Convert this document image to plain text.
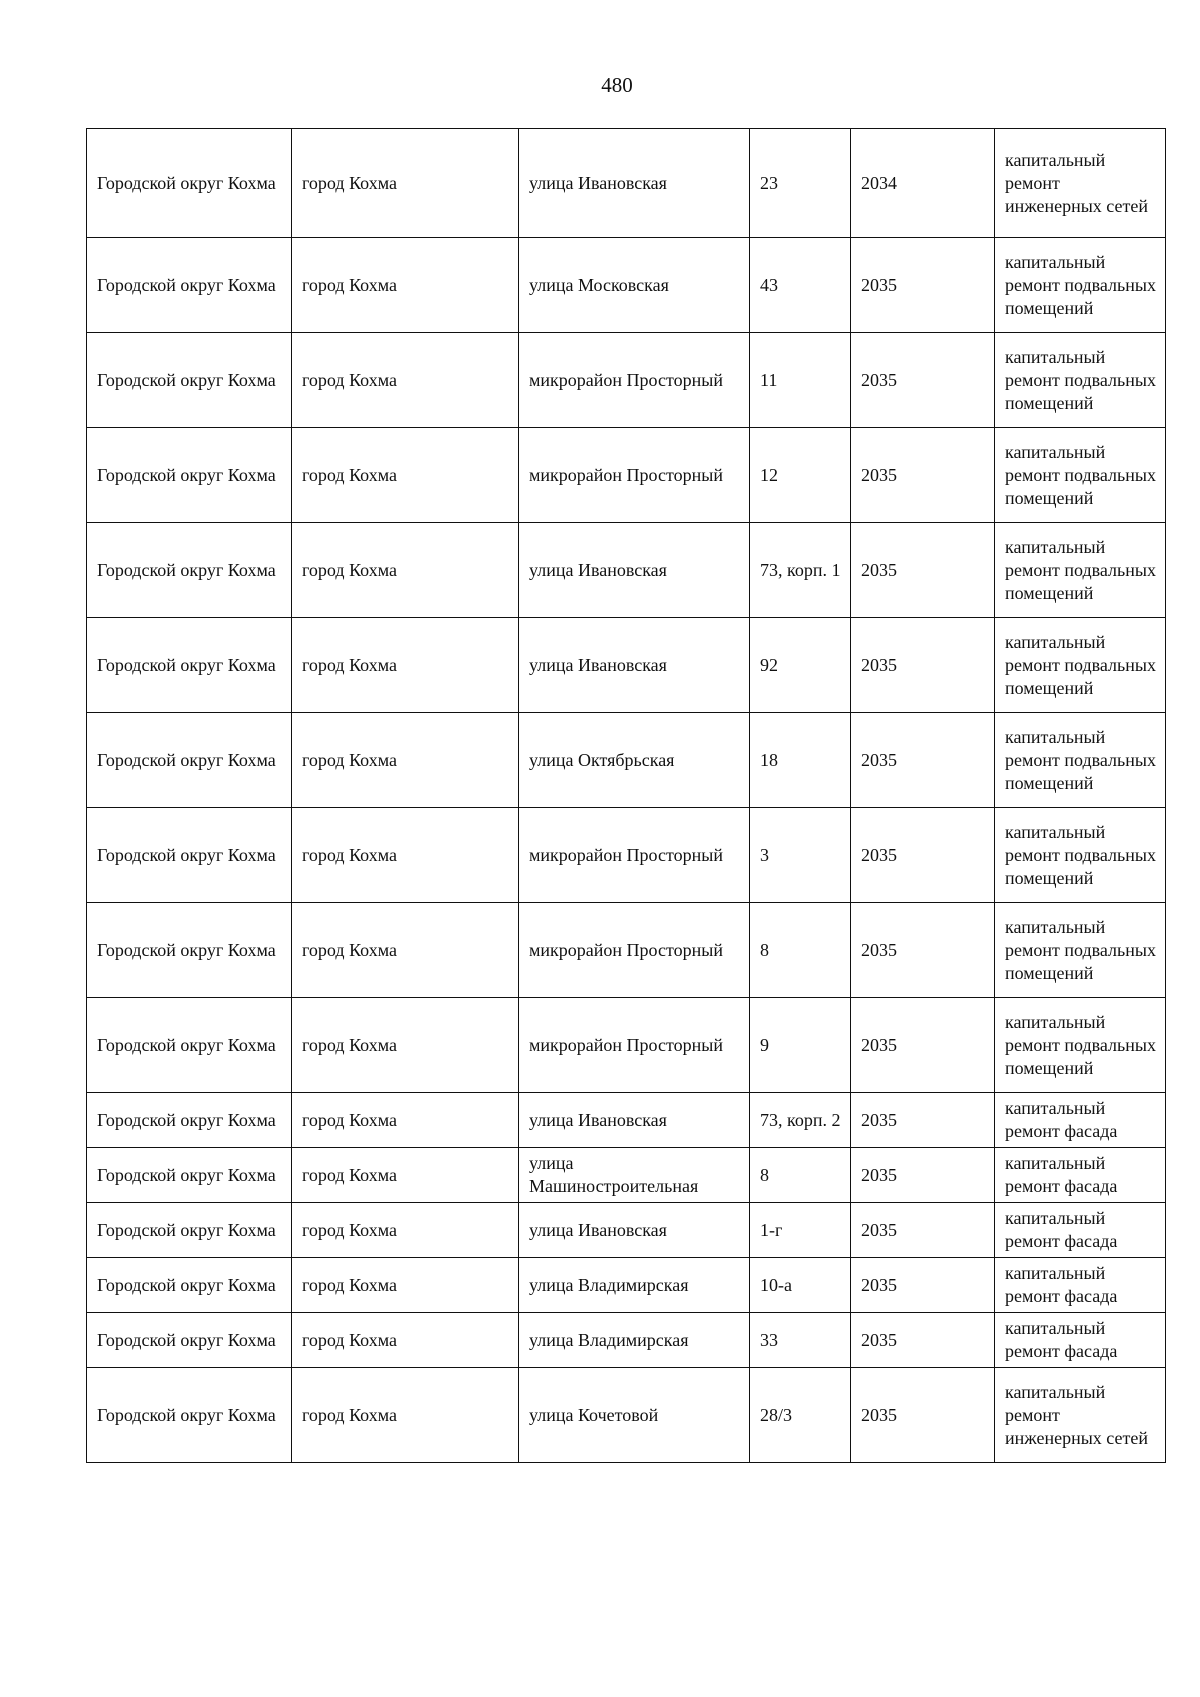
480
Городской округ Кохма	город Кохма	улица Ивановская	23	2034	капитальный ремонт инженерных сетей
Городской округ Кохма	город Кохма	улица Московская	43	2035	капитальный ремонт подвальных помещений
Городской округ Кохма	город Кохма	микрорайон Просторный	11	2035	капитальный ремонт подвальных помещений
Городской округ Кохма	город Кохма	микрорайон Просторный	12	2035	капитальный ремонт подвальных помещений
Городской округ Кохма	город Кохма	улица Ивановская	73, корп. 1	2035	капитальный ремонт подвальных помещений
Городской округ Кохма	город Кохма	улица Ивановская	92	2035	капитальный ремонт подвальных помещений
Городской округ Кохма	город Кохма	улица Октябрьская	18	2035	капитальный ремонт подвальных помещений
Городской округ Кохма	город Кохма	микрорайон Просторный	3	2035	капитальный ремонт подвальных помещений
Городской округ Кохма	город Кохма	микрорайон Просторный	8	2035	капитальный ремонт подвальных помещений
Городской округ Кохма	город Кохма	микрорайон Просторный	9	2035	капитальный ремонт подвальных помещений
Городской округ Кохма	город Кохма	улица Ивановская	73, корп. 2	2035	капитальный ремонт фасада
Городской округ Кохма	город Кохма	улица Машиностроительная	8	2035	капитальный ремонт фасада
Городской округ Кохма	город Кохма	улица Ивановская	1-г	2035	капитальный ремонт фасада
Городской округ Кохма	город Кохма	улица Владимирская	10-а	2035	капитальный ремонт фасада
Городской округ Кохма	город Кохма	улица Владимирская	33	2035	капитальный ремонт фасада
Городской округ Кохма	город Кохма	улица Кочетовой	28/3	2035	капитальный ремонт инженерных сетей
